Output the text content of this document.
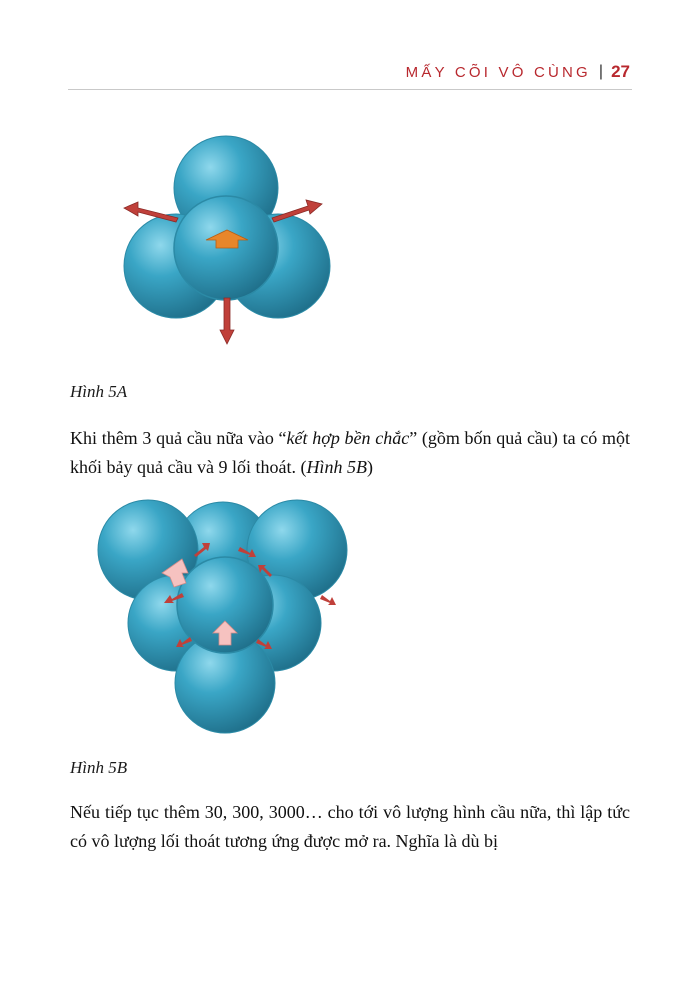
MẤY CÕI VÔ CÙNG | 27
Hình 5A

Khi thêm 3 quả cầu nữa vào “kết hợp bền chắc” (gồm bốn quả cầu) ta có một khối bảy quả cầu và 9 lối thoát. (Hình 5B)

Hình 5B

Nếu tiếp tục thêm 30, 300, 3000… cho tới vô lượng hình cầu nữa, thì lập tức có vô lượng lối thoát tương ứng được mở ra. Nghĩa là dù bị
